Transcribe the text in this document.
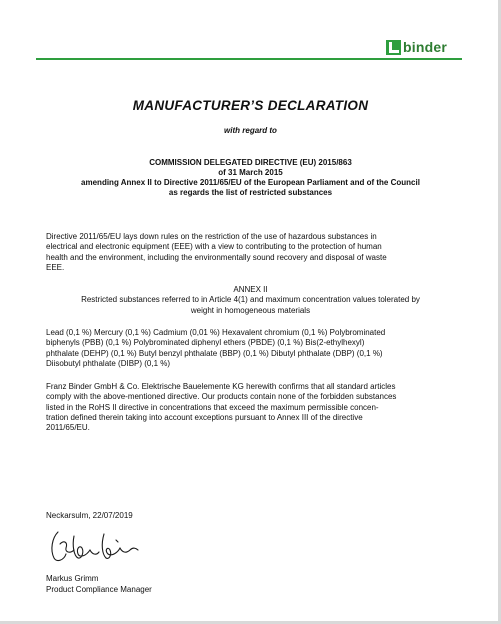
binder
MANUFACTURER’S DECLARATION
with regard to
COMMISSION DELEGATED DIRECTIVE (EU) 2015/863
of 31 March 2015
amending Annex II to Directive 2011/65/EU of the European Parliament and of the Council
as regards the list of restricted substances
Directive 2011/65/EU lays down rules on the restriction of the use of hazardous substances in
electrical and electronic equipment (EEE) with a view to contributing to the protection of human
health and the environment, including the environmentally sound recovery and disposal of waste
EEE.
ANNEX II
Restricted substances referred to in Article 4(1) and maximum concentration values tolerated by
weight in homogeneous materials
Lead (0,1 %) Mercury (0,1 %) Cadmium (0,01 %) Hexavalent chromium (0,1 %) Polybrominated
biphenyls (PBB) (0,1 %) Polybrominated diphenyl ethers (PBDE) (0,1 %) Bis(2-ethylhexyl)
phthalate (DEHP) (0,1 %) Butyl benzyl phthalate (BBP) (0,1 %) Dibutyl phthalate (DBP) (0,1 %)
Diisobutyl phthalate (DIBP) (0,1 %)
Franz Binder GmbH & Co. Elektrische Bauelemente KG herewith confirms that all standard articles
comply with the above-mentioned directive. Our products contain none of the forbidden substances
listed in the RoHS II directive in concentrations that exceed the maximum permissible concen-
tration defined therein taking into account exceptions pursuant to Annex III of the directive
2011/65/EU.
Neckarsulm, 22/07/2019
Markus Grimm
Product Compliance Manager
